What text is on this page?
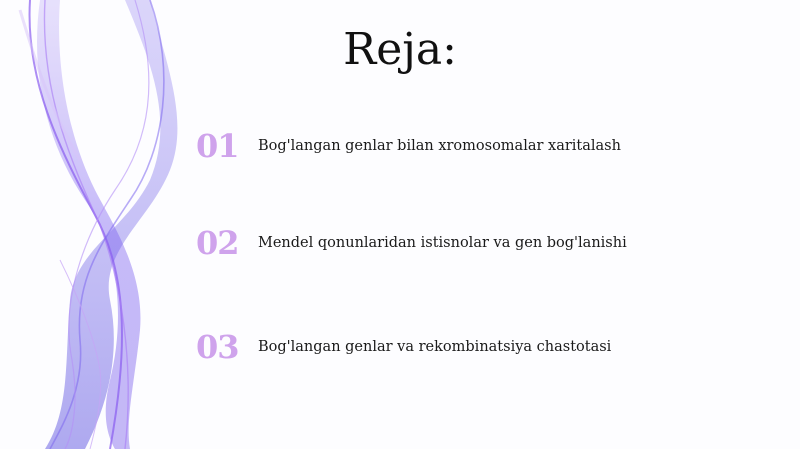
Reja:
01	Bog'langan genlar bilan xromosomalar xaritalash
02	Mendel qonunlaridan istisnolar va gen bog'lanishi
03	Bog'langan genlar va rekombinatsiya chastotasi
